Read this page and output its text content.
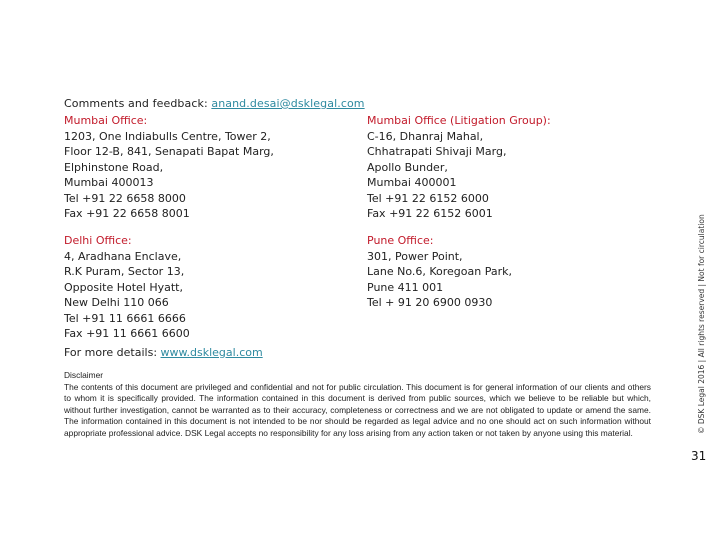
Comments and feedback: anand.desai@dsklegal.com
Mumbai Office:
1203, One Indiabulls Centre, Tower 2,
Floor 12-B, 841, Senapati Bapat Marg,
Elphinstone Road,
Mumbai 400013
Tel +91 22 6658 8000
Fax +91 22 6658 8001
Mumbai Office (Litigation Group):
C-16, Dhanraj Mahal,
Chhatrapati Shivaji Marg,
Apollo Bunder,
Mumbai 400001
Tel +91 22 6152 6000
Fax +91 22 6152 6001
Delhi Office:
4, Aradhana Enclave,
R.K Puram, Sector 13,
Opposite Hotel Hyatt,
New Delhi 110 066
Tel +91 11 6661 6666
Fax +91 11 6661 6600
Pune Office:
301, Power Point,
Lane No.6, Koregoan Park,
Pune 411 001
Tel + 91 20 6900 0930
For more details: www.dsklegal.com
Disclaimer
The contents of this document are privileged and confidential and not for public circulation. This document is for general information of our clients and others to whom it is specifically provided. The information contained in this document is derived from public sources, which we believe to be reliable but which, without further investigation, cannot be warranted as to their accuracy, completeness or correctness and we are not obligated to update or amend the same. The information contained in this document is not intended to be nor should be regarded as legal advice and no one should act on such information without appropriate professional advice. DSK Legal accepts no responsibility for any loss arising from any action taken or not taken by anyone using this material.	© DSK Legal 2016 | All rights reserved | Not for circulation
31
